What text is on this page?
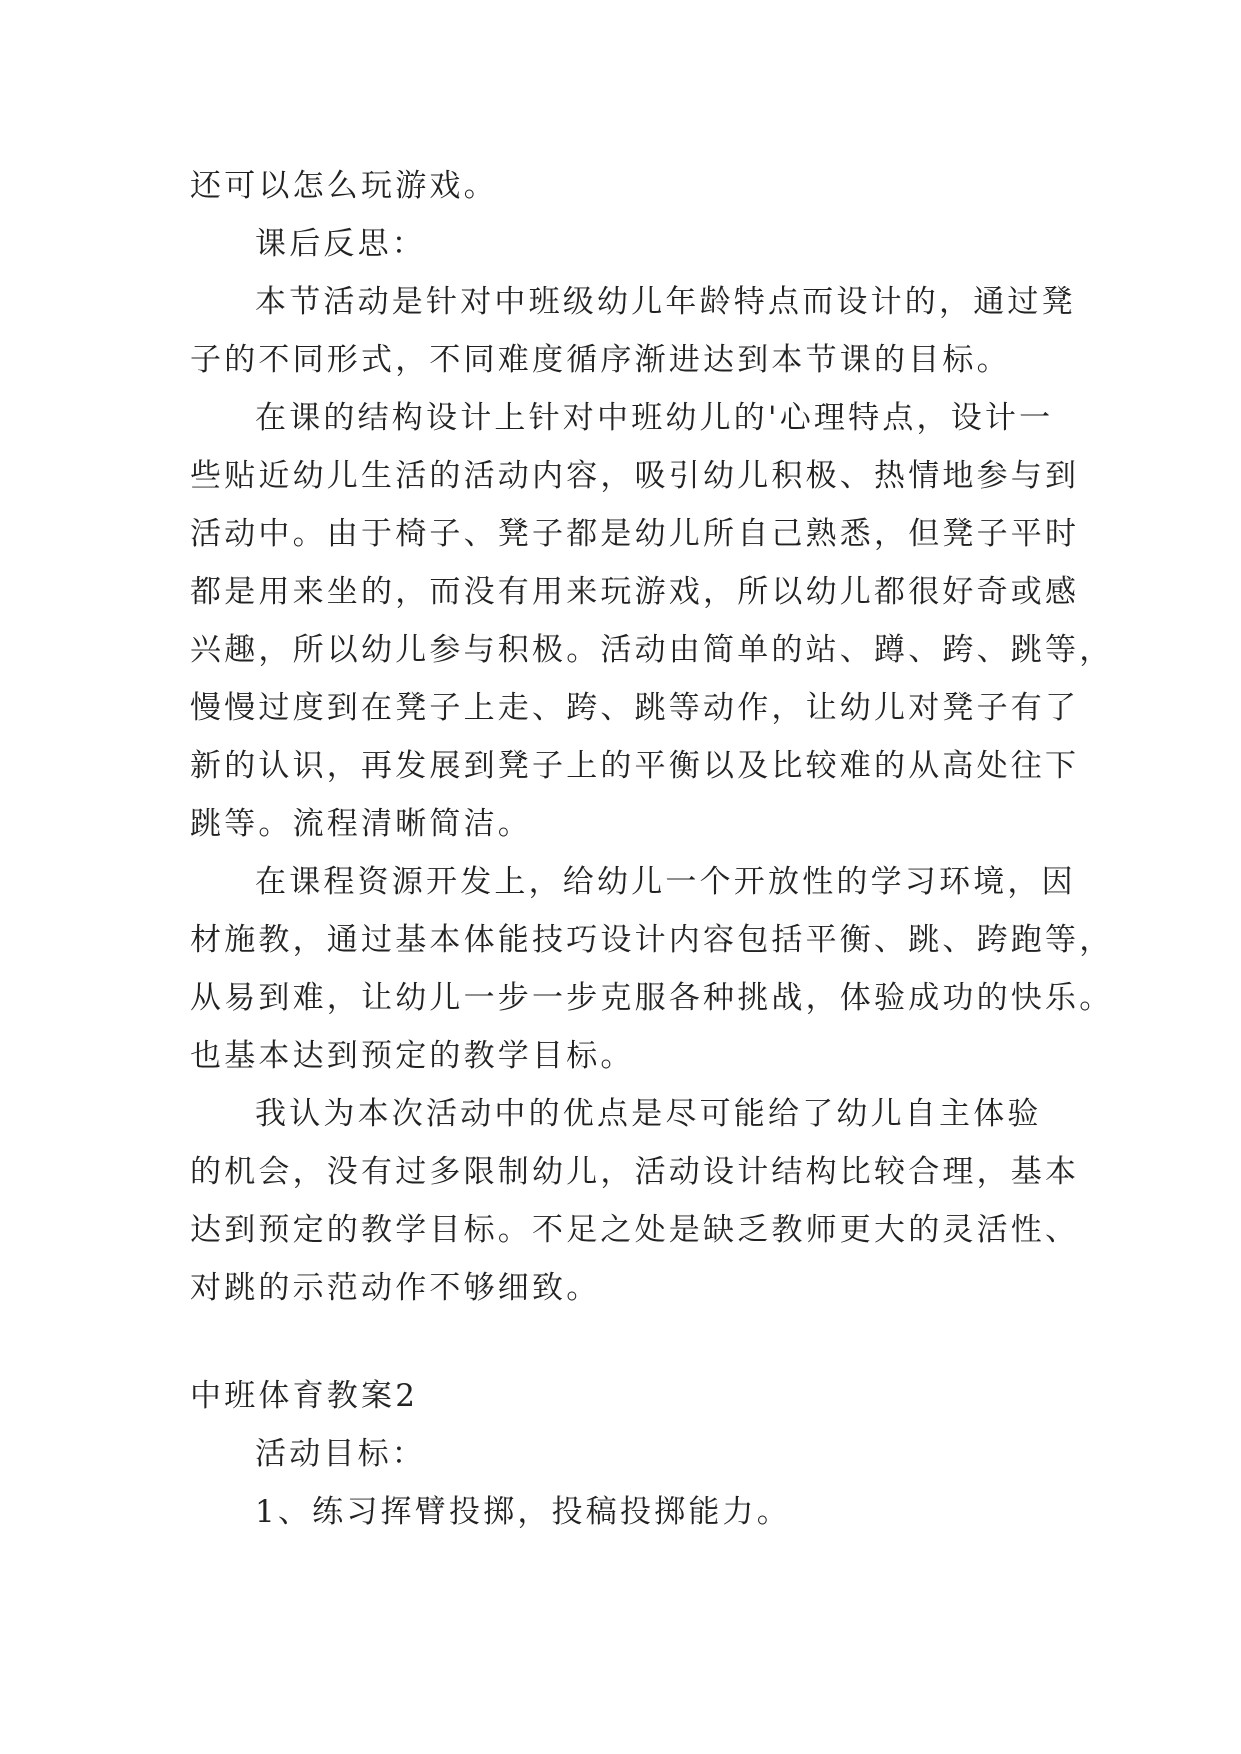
还可以怎么玩游戏。
课后反思：
本节活动是针对中班级幼儿年龄特点而设计的，通过凳
子的不同形式，不同难度循序渐进达到本节课的目标。
在课的结构设计上针对中班幼儿的'心理特点，设计一
些贴近幼儿生活的活动内容，吸引幼儿积极、热情地参与到
活动中。由于椅子、凳子都是幼儿所自己熟悉，但凳子平时
都是用来坐的，而没有用来玩游戏，所以幼儿都很好奇或感
兴趣，所以幼儿参与积极。活动由简单的站、蹲、跨、跳等，
慢慢过度到在凳子上走、跨、跳等动作，让幼儿对凳子有了
新的认识，再发展到凳子上的平衡以及比较难的从高处往下
跳等。流程清晰简洁。
在课程资源开发上，给幼儿一个开放性的学习环境，因
材施教，通过基本体能技巧设计内容包括平衡、跳、跨跑等，
从易到难，让幼儿一步一步克服各种挑战，体验成功的快乐。
也基本达到预定的教学目标。
我认为本次活动中的优点是尽可能给了幼儿自主体验
的机会，没有过多限制幼儿，活动设计结构比较合理，基本
达到预定的教学目标。不足之处是缺乏教师更大的灵活性、
对跳的示范动作不够细致。
中班体育教案2
活动目标：
1、练习挥臂投掷，投稿投掷能力。
